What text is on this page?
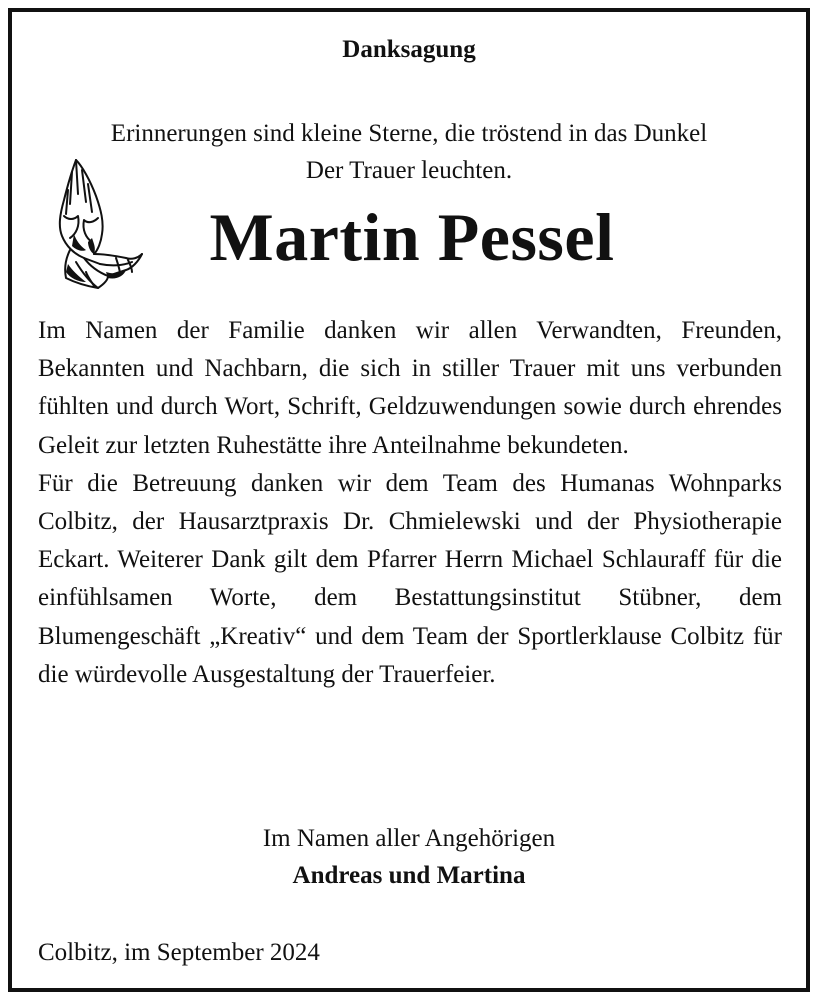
Danksagung
Erinnerungen sind kleine Sterne, die tröstend in das Dunkel
Der Trauer leuchten.
Martin Pessel

Im Namen der Familie danken wir allen Verwandten, Freunden, Bekannten und Nachbarn, die sich in stiller Trauer mit uns verbunden fühlten und durch Wort, Schrift, Geldzuwendungen sowie durch ehrendes Geleit zur letzten Ruhestätte ihre Anteilnahme bekundeten.

Für die Betreuung danken wir dem Team des Humanas Wohnparks Colbitz, der Hausarztpraxis Dr. Chmielewski und der Physiotherapie Eckart. Weiterer Dank gilt dem Pfarrer Herrn Michael Schlauraff für die einfühlsamen Worte, dem Bestattungsinstitut Stübner, dem Blumengeschäft „Kreativ“ und dem Team der Sportlerklause Colbitz für die würdevolle Ausgestaltung der Trauerfeier.

Im Namen aller Angehörigen
Andreas und Martina
Colbitz, im September 2024
